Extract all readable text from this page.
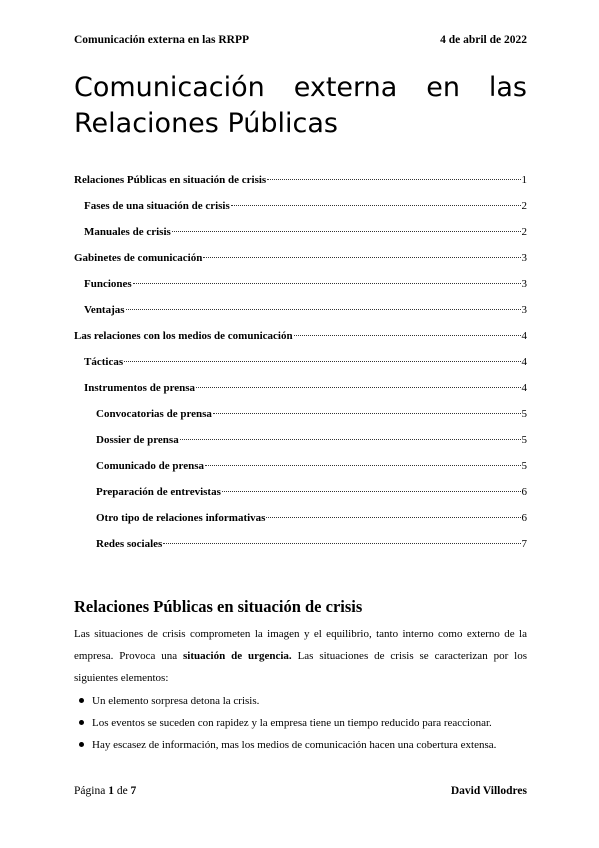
Comunicación externa en las RRPP	4 de abril de 2022
Comunicación externa en las Relaciones Públicas
Relaciones Públicas en situación de crisis	1
Fases de una situación de crisis	2
Manuales de crisis	2
Gabinetes de comunicación	3
Funciones	3
Ventajas	3
Las relaciones con los medios de comunicación	4
Tácticas	4
Instrumentos de prensa	4
Convocatorias de prensa	5
Dossier de prensa	5
Comunicado de prensa	5
Preparación de entrevistas	6
Otro tipo de relaciones informativas	6
Redes sociales	7
Relaciones Públicas en situación de crisis

Las situaciones de crisis comprometen la imagen y el equilibrio, tanto interno como externo de la empresa. Provoca una situación de urgencia. Las situaciones de crisis se caracterizan por los siguientes elementos:

Un elemento sorpresa detona la crisis.
Los eventos se suceden con rapidez y la empresa tiene un tiempo reducido para reaccionar.
Hay escasez de información, mas los medios de comunicación hacen una cobertura extensa.
Página 1 de 7	David Villodres
